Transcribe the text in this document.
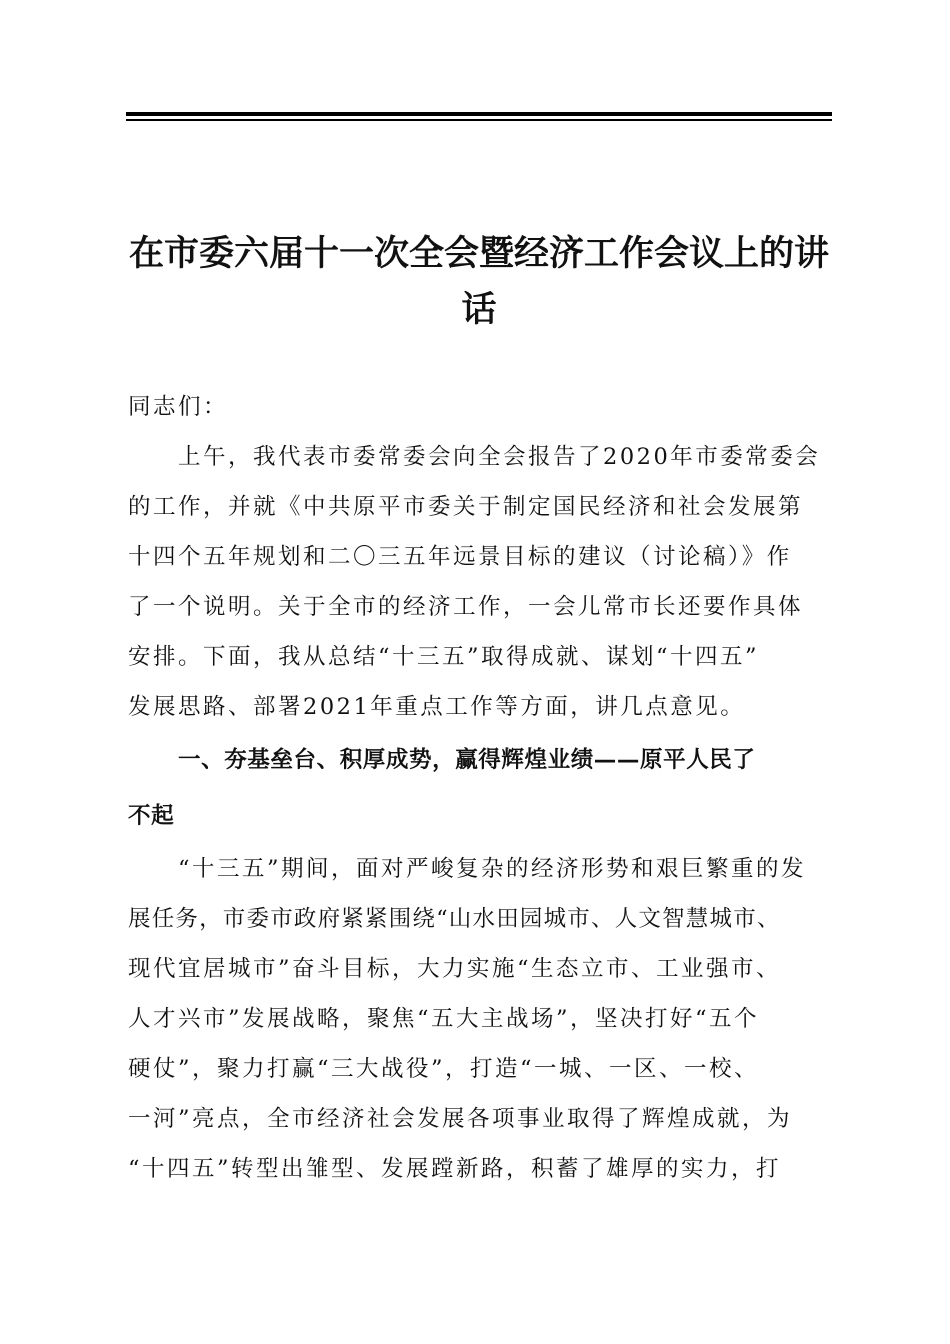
在市委六届十一次全会暨经济工作会议上的讲话
同志们：
上午，我代表市委常委会向全会报告了2020年市委常委会
的工作，并就《中共原平市委关于制定国民经济和社会发展第
十四个五年规划和二〇三五年远景目标的建议（讨论稿）》作
了一个说明。关于全市的经济工作，一会儿常市长还要作具体
安排。下面，我从总结“十三五”取得成就、谋划“十四五”
发展思路、部署2021年重点工作等方面，讲几点意见。
一、夯基垒台、积厚成势，赢得辉煌业绩——原平人民了
不起
“十三五”期间，面对严峻复杂的经济形势和艰巨繁重的发
展任务，市委市政府紧紧围绕“山水田园城市、人文智慧城市、
现代宜居城市”奋斗目标，大力实施“生态立市、工业强市、
人才兴市”发展战略，聚焦“五大主战场”，坚决打好“五个
硬仗”，聚力打赢“三大战役”，打造“一城、一区、一校、
一河”亮点，全市经济社会发展各项事业取得了辉煌成就，为
“十四五”转型出雏型、发展蹚新路，积蓄了雄厚的实力，打
